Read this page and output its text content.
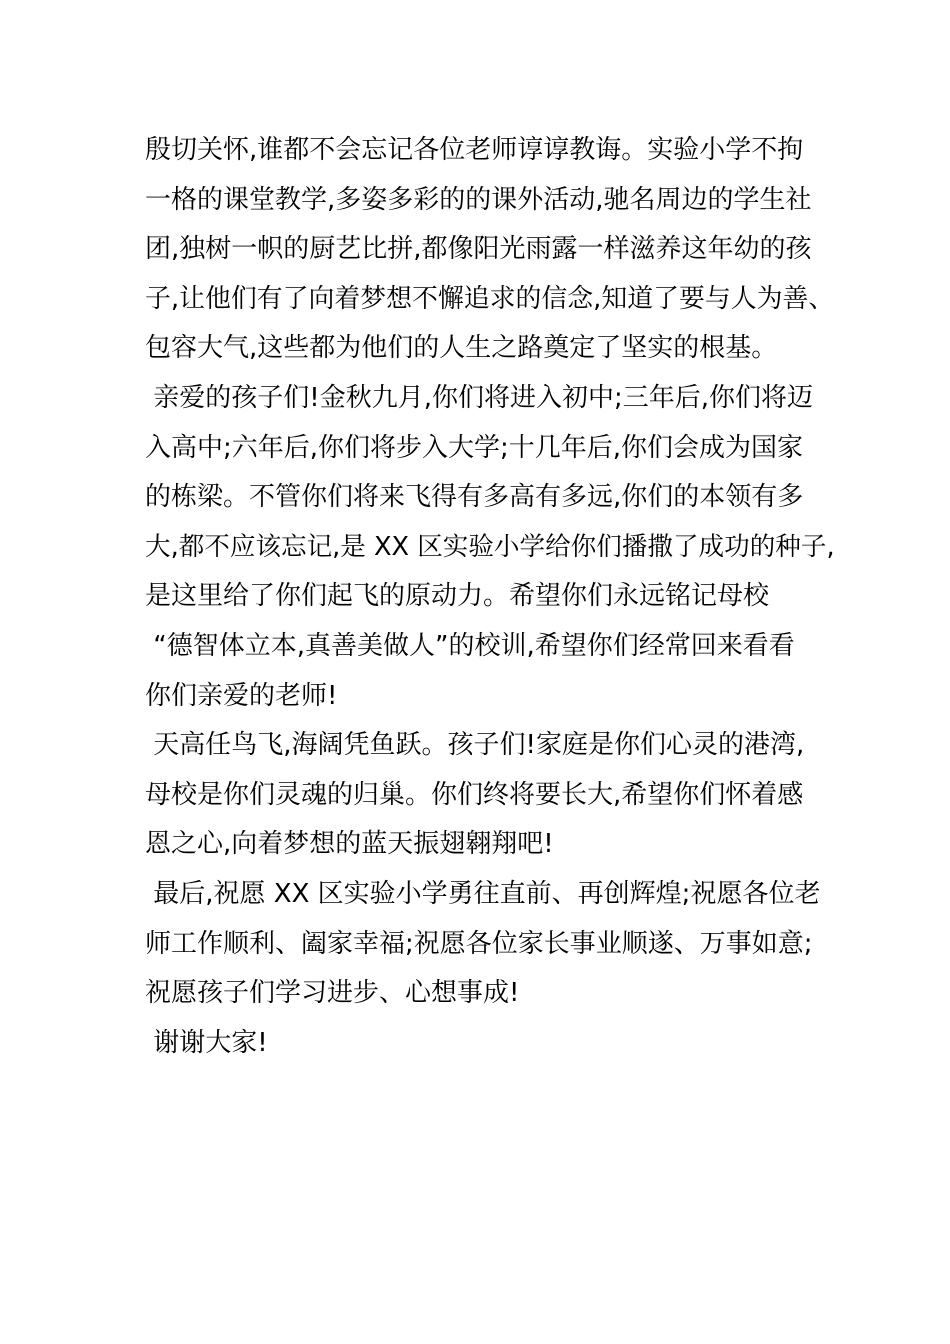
殷切关怀,谁都不会忘记各位老师谆谆教诲。实验小学不拘
一格的课堂教学,多姿多彩的的课外活动,驰名周边的学生社
团,独树一帜的厨艺比拼,都像阳光雨露一样滋养这年幼的孩
子,让他们有了向着梦想不懈追求的信念,知道了要与人为善、
包容大气,这些都为他们的人生之路奠定了坚实的根基。
亲爱的孩子们!金秋九月,你们将进入初中;三年后,你们将迈
入高中;六年后,你们将步入大学;十几年后,你们会成为国家
的栋梁。不管你们将来飞得有多高有多远,你们的本领有多
大,都不应该忘记,是 XX 区实验小学给你们播撒了成功的种子,
是这里给了你们起飞的原动力。希望你们永远铭记母校
“德智体立本,真善美做人”的校训,希望你们经常回来看看
你们亲爱的老师!
天高任鸟飞,海阔凭鱼跃。孩子们!家庭是你们心灵的港湾,
母校是你们灵魂的归巢。你们终将要长大,希望你们怀着感
恩之心,向着梦想的蓝天振翅翱翔吧!
最后,祝愿 XX 区实验小学勇往直前、再创辉煌;祝愿各位老
师工作顺利、阖家幸福;祝愿各位家长事业顺遂、万事如意;
祝愿孩子们学习进步、心想事成!
谢谢大家!
